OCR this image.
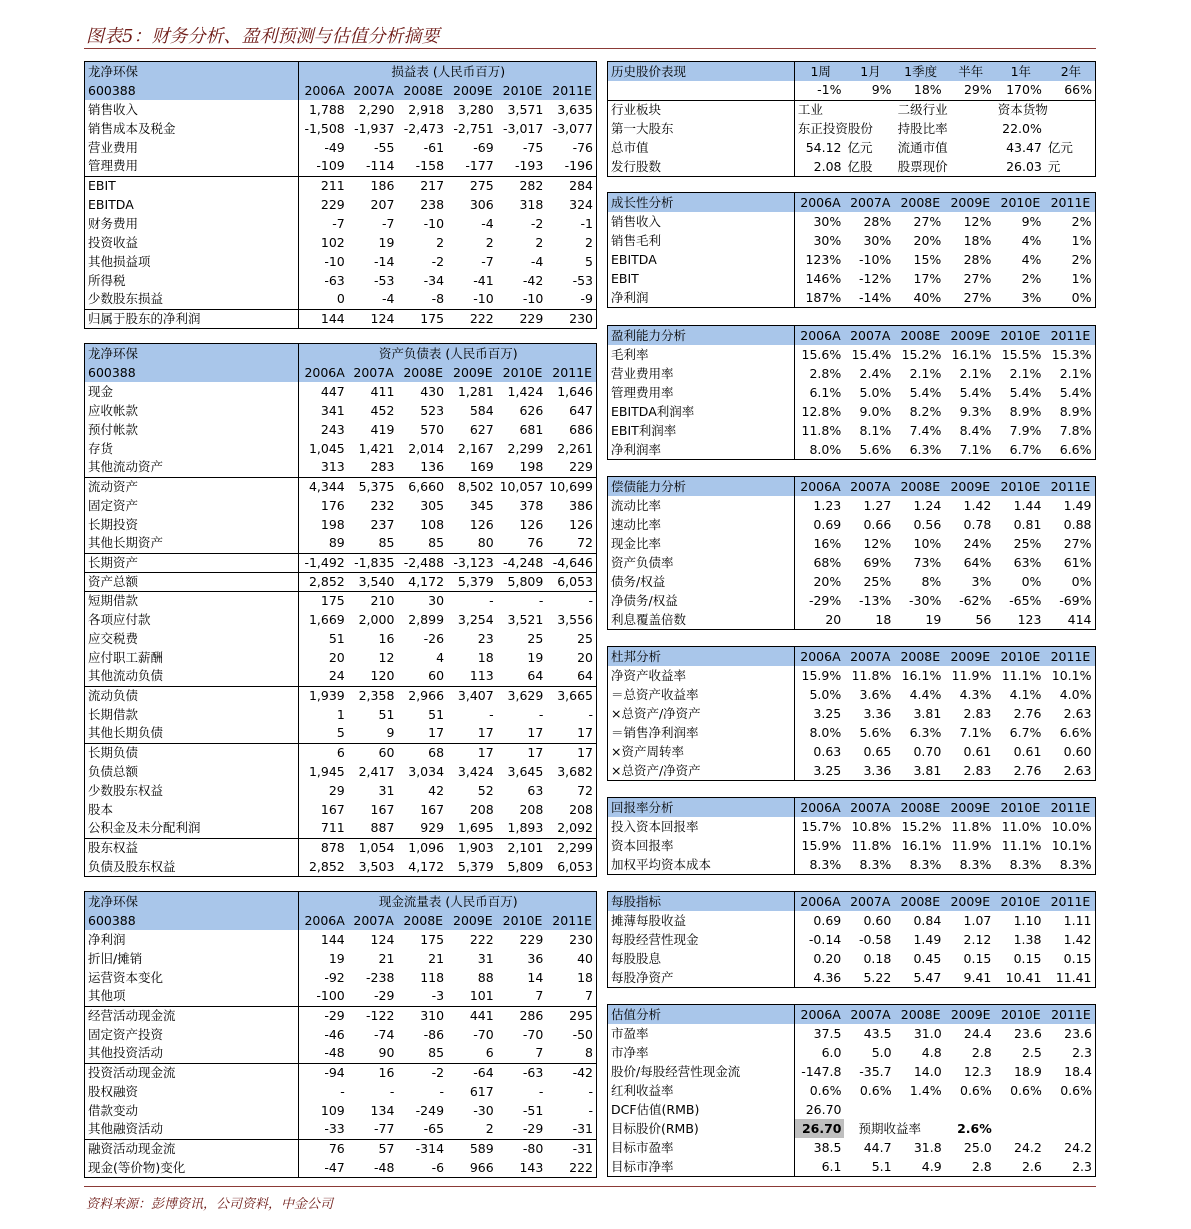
图表5：财务分析、盈利预测与估值分析摘要
龙净环保	损益表 (人民币百万)					
600388	2006A	2007A	2008E	2009E	2010E	2011E
销售收入	1,788	2,290	2,918	3,280	3,571	3,635
销售成本及税金	-1,508	-1,937	-2,473	-2,751	-3,017	-3,077
营业费用	-49	-55	-61	-69	-75	-76
管理费用	-109	-114	-158	-177	-193	-196
EBIT	211	186	217	275	282	284
EBITDA	229	207	238	306	318	324
财务费用	-7	-7	-10	-4	-2	-1
投资收益	102	19	2	2	2	2
其他损益项	-10	-14	-2	-7	-4	5
所得税	-63	-53	-34	-41	-42	-53
少数股东损益	0	-4	-8	-10	-10	-9
归属于股东的净利润	144	124	175	222	229	230
龙净环保	资产负债表 (人民币百万)					
600388	2006A	2007A	2008E	2009E	2010E	2011E
现金	447	411	430	1,281	1,424	1,646
应收帐款	341	452	523	584	626	647
预付帐款	243	419	570	627	681	686
存货	1,045	1,421	2,014	2,167	2,299	2,261
其他流动资产	313	283	136	169	198	229
流动资产	4,344	5,375	6,660	8,502	10,057	10,699
固定资产	176	232	305	345	378	386
长期投资	198	237	108	126	126	126
其他长期资产	89	85	85	80	76	72
长期资产	-1,492	-1,835	-2,488	-3,123	-4,248	-4,646
资产总额	2,852	3,540	4,172	5,379	5,809	6,053
短期借款	175	210	30	-	-	-
各项应付款	1,669	2,000	2,899	3,254	3,521	3,556
应交税费	51	16	-26	23	25	25
应付职工薪酬	20	12	4	18	19	20
其他流动负债	24	120	60	113	64	64
流动负债	1,939	2,358	2,966	3,407	3,629	3,665
长期借款	1	51	51	-	-	-
其他长期负债	5	9	17	17	17	17
长期负债	6	60	68	17	17	17
负债总额	1,945	2,417	3,034	3,424	3,645	3,682
少数股东权益	29	31	42	52	63	72
股本	167	167	167	208	208	208
公积金及未分配利润	711	887	929	1,695	1,893	2,092
股东权益	878	1,054	1,096	1,903	2,101	2,299
负债及股东权益	2,852	3,503	4,172	5,379	5,809	6,053
龙净环保	现金流量表 (人民币百万)					
600388	2006A	2007A	2008E	2009E	2010E	2011E
净利润	144	124	175	222	229	230
折旧/摊销	19	21	21	31	36	40
运营资本变化	-92	-238	118	88	14	18
其他项	-100	-29	-3	101	7	7
经营活动现金流	-29	-122	310	441	286	295
固定资产投资	-46	-74	-86	-70	-70	-50
其他投资活动	-48	90	85	6	7	8
投资活动现金流	-94	16	-2	-64	-63	-42
股权融资	-	-	-	617	-	-
借款变动	109	134	-249	-30	-51	-
其他融资活动	-33	-77	-65	2	-29	-31
融资活动现金流	76	57	-314	589	-80	-31
现金(等价物)变化	-47	-48	-6	966	143	222
历史股价表现	1周	1月	1季度	半年	1年	2年
	-1%	9%	18%	29%	170%	66%
行业板块	工业		二级行业		资本货物	
第一大股东	东正投资股份		持股比率		22.0%	
总市值	54.12	亿元	流通市值		43.47	亿元
发行股数	2.08	亿股	股票现价		26.03	元
成长性分析	2006A	2007A	2008E	2009E	2010E	2011E
销售收入	30%	28%	27%	12%	9%	2%
销售毛利	30%	30%	20%	18%	4%	1%
EBITDA	123%	-10%	15%	28%	4%	2%
EBIT	146%	-12%	17%	27%	2%	1%
净利润	187%	-14%	40%	27%	3%	0%
盈利能力分析	2006A	2007A	2008E	2009E	2010E	2011E
毛利率	15.6%	15.4%	15.2%	16.1%	15.5%	15.3%
营业费用率	2.8%	2.4%	2.1%	2.1%	2.1%	2.1%
管理费用率	6.1%	5.0%	5.4%	5.4%	5.4%	5.4%
EBITDA利润率	12.8%	9.0%	8.2%	9.3%	8.9%	8.9%
EBIT利润率	11.8%	8.1%	7.4%	8.4%	7.9%	7.8%
净利润率	8.0%	5.6%	6.3%	7.1%	6.7%	6.6%
偿债能力分析	2006A	2007A	2008E	2009E	2010E	2011E
流动比率	1.23	1.27	1.24	1.42	1.44	1.49
速动比率	0.69	0.66	0.56	0.78	0.81	0.88
现金比率	16%	12%	10%	24%	25%	27%
资产负债率	68%	69%	73%	64%	63%	61%
债务/权益	20%	25%	8%	3%	0%	0%
净债务/权益	-29%	-13%	-30%	-62%	-65%	-69%
利息覆盖倍数	20	18	19	56	123	414
杜邦分析	2006A	2007A	2008E	2009E	2010E	2011E
净资产收益率	15.9%	11.8%	16.1%	11.9%	11.1%	10.1%
＝总资产收益率	5.0%	3.6%	4.4%	4.3%	4.1%	4.0%
×总资产/净资产	3.25	3.36	3.81	2.83	2.76	2.63
＝销售净利润率	8.0%	5.6%	6.3%	7.1%	6.7%	6.6%
×资产周转率	0.63	0.65	0.70	0.61	0.61	0.60
×总资产/净资产	3.25	3.36	3.81	2.83	2.76	2.63
回报率分析	2006A	2007A	2008E	2009E	2010E	2011E
投入资本回报率	15.7%	10.8%	15.2%	11.8%	11.0%	10.0%
资本回报率	15.9%	11.8%	16.1%	11.9%	11.1%	10.1%
加权平均资本成本	8.3%	8.3%	8.3%	8.3%	8.3%	8.3%
每股指标	2006A	2007A	2008E	2009E	2010E	2011E
摊薄每股收益	0.69	0.60	0.84	1.07	1.10	1.11
每股经营性现金	-0.14	-0.58	1.49	2.12	1.38	1.42
每股股息	0.20	0.18	0.45	0.15	0.15	0.15
每股净资产	4.36	5.22	5.47	9.41	10.41	11.41
估值分析	2006A	2007A	2008E	2009E	2010E	2011E
市盈率	37.5	43.5	31.0	24.4	23.6	23.6
市净率	6.0	5.0	4.8	2.8	2.5	2.3
股价/每股经营性现金流	-147.8	-35.7	14.0	12.3	18.9	18.4
红利收益率	0.6%	0.6%	1.4%	0.6%	0.6%	0.6%
DCF估值(RMB)	26.70					
目标股价(RMB)	26.70	预期收益率		2.6%		
目标市盈率	38.5	44.7	31.8	25.0	24.2	24.2
目标市净率	6.1	5.1	4.9	2.8	2.6	2.3
资料来源：彭博资讯，公司资料，中金公司
